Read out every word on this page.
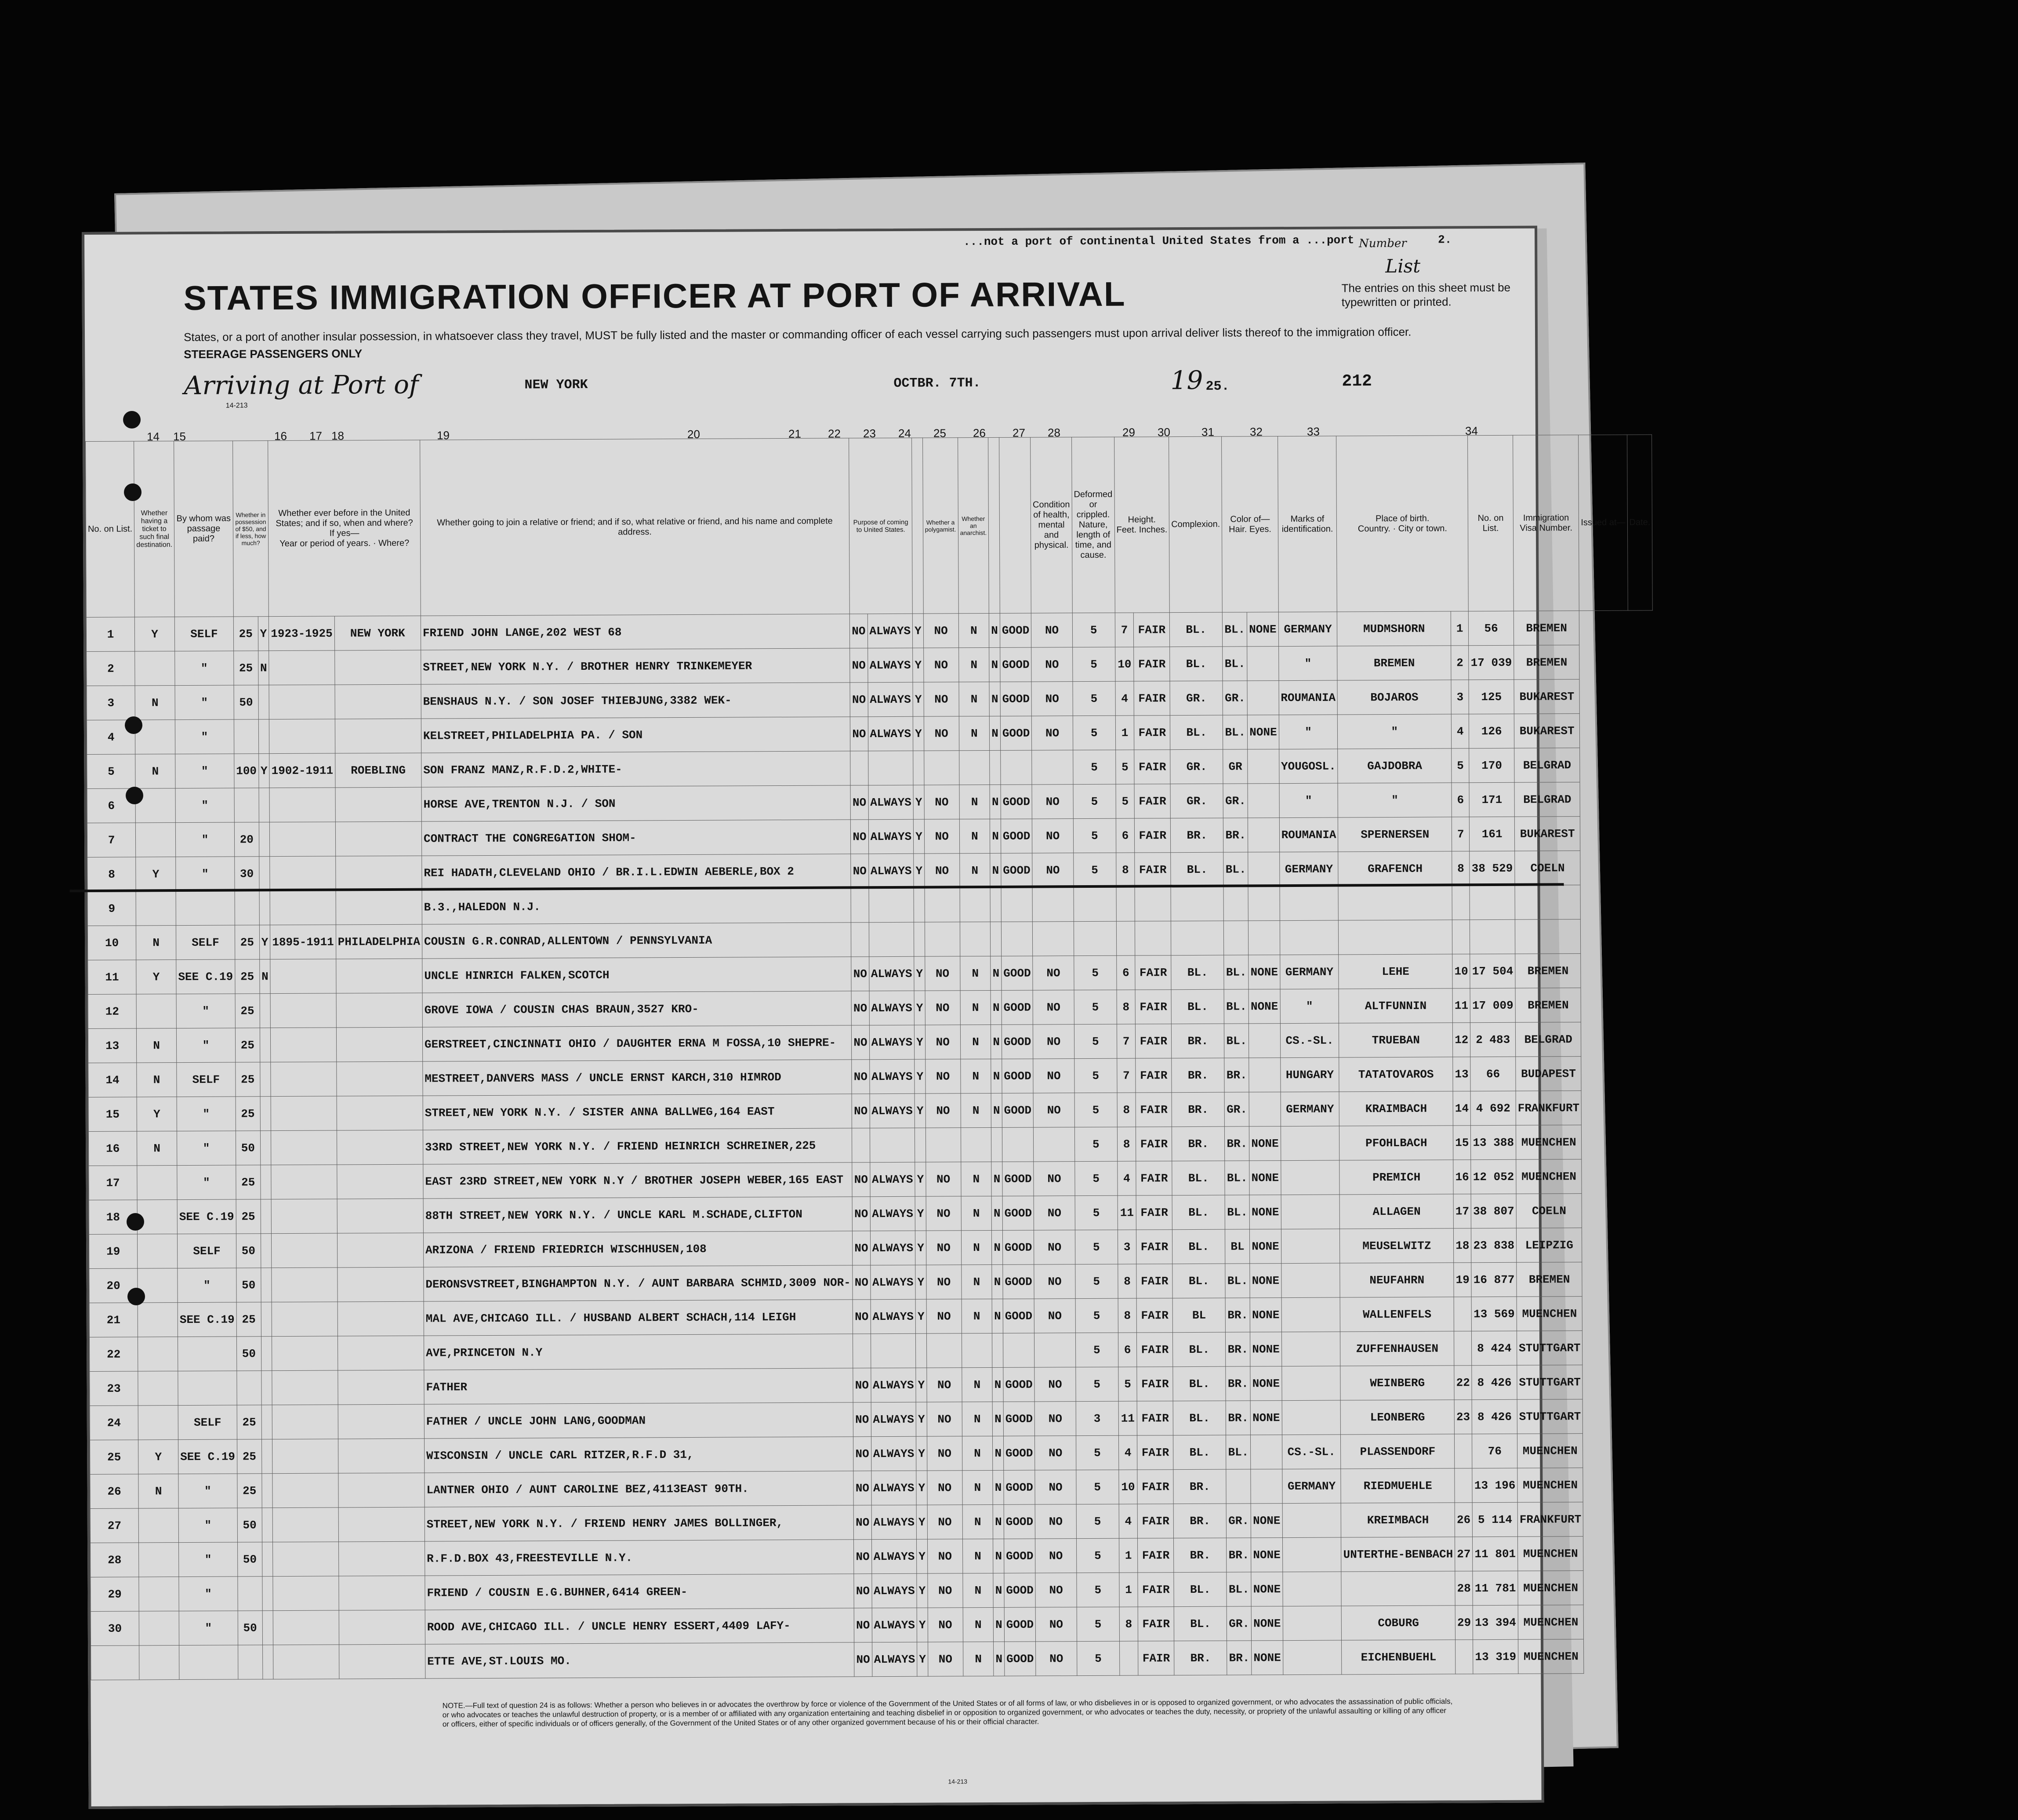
...not a port of continental United States from a ...port Number	2.
List
The entries on this sheet must be typewritten or printed.
STATES IMMIGRATION OFFICER AT PORT OF ARRIVAL
States, or a port of another insular possession, in whatsoever class they travel, MUST be fully listed and the master or commanding officer of each vessel carrying such passengers must upon arrival deliver lists thereof to the immigration officer.
STEERAGE PASSENGERS ONLY
Arriving at Port of	NEW YORK	OCTBR. 7TH.	19 25.	212
14-213
14 15	16 17 18	19	20	21 22 23 24 25 26 27 28	29 30	31	32	33	34
No. on List.	Whether having a ticket to such final destination.	By whom was passage paid?	Whether in possession of $50, and if less, how much?		Whether ever before in the United States; and if so, when and where?
If yes—
Year or period of years. · Where?		Whether going to join a relative or friend; and if so, what relative or friend, and his name and complete address.	Purpose of coming to United States.			Whether a polygamist.	Whether an anarchist.			Condition of health, mental and physical.	Deformed or crippled. Nature, length of time, and cause.	Height.
Feet. Inches.		Complexion.	Color of—
Hair. Eyes.		Marks of identification.	Place of birth.
Country. · City or town.		No. on List.	Immigration Visa Number.	Issued at—	Date.
1	Y	SELF	25	Y	1923-1925	NEW YORK	FRIEND JOHN LANGE,202 WEST 68	NO	ALWAYS	Y	NO	N	N	GOOD	NO	5	7	FAIR	BL.	BL.	NONE	GERMANY	MUDMSHORN	1	56	BREMEN		
2		"	25	N			STREET,NEW YORK N.Y. / BROTHER HENRY TRINKEMEYER	NO	ALWAYS	Y	NO	N	N	GOOD	NO	5	10	FAIR	BL.	BL.		"	BREMEN	2	17 039	BREMEN		
3	N	"	50				BENSHAUS N.Y. / SON JOSEF THIEBJUNG,3382 WEK-	NO	ALWAYS	Y	NO	N	N	GOOD	NO	5	4	FAIR	GR.	GR.		ROUMANIA	BOJAROS	3	125	BUKAREST		
4		"					KELSTREET,PHILADELPHIA PA. / SON	NO	ALWAYS	Y	NO	N	N	GOOD	NO	5	1	FAIR	BL.	BL.	NONE	"	"	4	126	BUKAREST		
5	N	"	100	Y	1902-1911	ROEBLING	SON FRANZ MANZ,R.F.D.2,WHITE-									5	5	FAIR	GR.	GR		YOUGOSL.	GAJDOBRA	5	170	BELGRAD		
6		"					HORSE AVE,TRENTON N.J. / SON	NO	ALWAYS	Y	NO	N	N	GOOD	NO	5	5	FAIR	GR.	GR.		"	"	6	171	BELGRAD		
7		"	20				CONTRACT THE CONGREGATION SHOM-	NO	ALWAYS	Y	NO	N	N	GOOD	NO	5	6	FAIR	BR.	BR.		ROUMANIA	SPERNERSEN	7	161	BUKAREST		
8	Y	"	30				REI HADATH,CLEVELAND OHIO / BR.I.L.EDWIN AEBERLE,BOX 2	NO	ALWAYS	Y	NO	N	N	GOOD	NO	5	8	FAIR	BL.	BL.		GERMANY	GRAFENCH	8	38 529	COELN		
9							B.3.,HALEDON N.J.																					
10	N	SELF	25	Y	1895-1911	PHILADELPHIA	COUSIN G.R.CONRAD,ALLENTOWN / PENNSYLVANIA																					
11	Y	SEE C.19	25	N			UNCLE HINRICH FALKEN,SCOTCH	NO	ALWAYS	Y	NO	N	N	GOOD	NO	5	6	FAIR	BL.	BL.	NONE	GERMANY	LEHE	10	17 504	BREMEN		
12		"	25				GROVE IOWA / COUSIN CHAS BRAUN,3527 KRO-	NO	ALWAYS	Y	NO	N	N	GOOD	NO	5	8	FAIR	BL.	BL.	NONE	"	ALTFUNNIN	11	17 009	BREMEN		
13	N	"	25				GERSTREET,CINCINNATI OHIO / DAUGHTER ERNA M FOSSA,10 SHEPRE-	NO	ALWAYS	Y	NO	N	N	GOOD	NO	5	7	FAIR	BR.	BL.		CS.-SL.	TRUEBAN	12	2 483	BELGRAD		
14	N	SELF	25				MESTREET,DANVERS MASS / UNCLE ERNST KARCH,310 HIMROD	NO	ALWAYS	Y	NO	N	N	GOOD	NO	5	7	FAIR	BR.	BR.		HUNGARY	TATATOVAROS	13	66	BUDAPEST		
15	Y	"	25				STREET,NEW YORK N.Y. / SISTER ANNA BALLWEG,164 EAST	NO	ALWAYS	Y	NO	N	N	GOOD	NO	5	8	FAIR	BR.	GR.		GERMANY	KRAIMBACH	14	4 692	FRANKFURT		
16	N	"	50				33RD STREET,NEW YORK N.Y. / FRIEND HEINRICH SCHREINER,225									5	8	FAIR	BR.	BR.	NONE		PFOHLBACH	15	13 388	MUENCHEN		
17		"	25				EAST 23RD STREET,NEW YORK N.Y / BROTHER JOSEPH WEBER,165 EAST	NO	ALWAYS	Y	NO	N	N	GOOD	NO	5	4	FAIR	BL.	BL.	NONE		PREMICH	16	12 052	MUENCHEN		
18		SEE C.19	25				88TH STREET,NEW YORK N.Y. / UNCLE KARL M.SCHADE,CLIFTON	NO	ALWAYS	Y	NO	N	N	GOOD	NO	5	11	FAIR	BL.	BL.	NONE		ALLAGEN	17	38 807	COELN		
19		SELF	50				ARIZONA / FRIEND FRIEDRICH WISCHHUSEN,108	NO	ALWAYS	Y	NO	N	N	GOOD	NO	5	3	FAIR	BL.	BL	NONE		MEUSELWITZ	18	23 838	LEIPZIG		
20		"	50				DERONSVSTREET,BINGHAMPTON N.Y. / AUNT BARBARA SCHMID,3009 NOR-	NO	ALWAYS	Y	NO	N	N	GOOD	NO	5	8	FAIR	BL.	BL.	NONE		NEUFAHRN	19	16 877	BREMEN		
21		SEE C.19	25				MAL AVE,CHICAGO ILL. / HUSBAND ALBERT SCHACH,114 LEIGH	NO	ALWAYS	Y	NO	N	N	GOOD	NO	5	8	FAIR	BL	BR.	NONE		WALLENFELS		13 569	MUENCHEN		
22			50				AVE,PRINCETON N.Y									5	6	FAIR	BL.	BR.	NONE		ZUFFENHAUSEN		8 424	STUTTGART		
23							FATHER	NO	ALWAYS	Y	NO	N	N	GOOD	NO	5	5	FAIR	BL.	BR.	NONE		WEINBERG	22	8 426	STUTTGART		
24		SELF	25				FATHER / UNCLE JOHN LANG,GOODMAN	NO	ALWAYS	Y	NO	N	N	GOOD	NO	3	11	FAIR	BL.	BR.	NONE		LEONBERG	23	8 426	STUTTGART		
25	Y	SEE C.19	25				WISCONSIN / UNCLE CARL RITZER,R.F.D 31,	NO	ALWAYS	Y	NO	N	N	GOOD	NO	5	4	FAIR	BL.	BL.		CS.-SL.	PLASSENDORF		76	MUENCHEN		
26	N	"	25				LANTNER OHIO / AUNT CAROLINE BEZ,4113EAST 90TH.	NO	ALWAYS	Y	NO	N	N	GOOD	NO	5	10	FAIR	BR.			GERMANY	RIEDMUEHLE		13 196	MUENCHEN		
27		"	50				STREET,NEW YORK N.Y. / FRIEND HENRY JAMES BOLLINGER,	NO	ALWAYS	Y	NO	N	N	GOOD	NO	5	4	FAIR	BR.	GR.	NONE		KREIMBACH	26	5 114	FRANKFURT		
28		"	50				R.F.D.BOX 43,FREESTEVILLE N.Y.	NO	ALWAYS	Y	NO	N	N	GOOD	NO	5	1	FAIR	BR.	BR.	NONE		UNTERTHE-BENBACH	27	11 801	MUENCHEN		
29		"					FRIEND / COUSIN E.G.BUHNER,6414 GREEN-	NO	ALWAYS	Y	NO	N	N	GOOD	NO	5	1	FAIR	BL.	BL.	NONE			28	11 781	MUENCHEN		
30		"	50				ROOD AVE,CHICAGO ILL. / UNCLE HENRY ESSERT,4409 LAFY-	NO	ALWAYS	Y	NO	N	N	GOOD	NO	5	8	FAIR	BL.	GR.	NONE		COBURG	29	13 394	MUENCHEN		
							ETTE AVE,ST.LOUIS MO.	NO	ALWAYS	Y	NO	N	N	GOOD	NO	5		FAIR	BR.	BR.	NONE		EICHENBUEHL		13 319	MUENCHEN		
NOTE.—Full text of question 24 is as follows: Whether a person who believes in or advocates the overthrow by force or violence of the Government of the United States or of all forms of law, or who disbelieves in or is opposed to organized government, or who advocates the assassination of public officials, or who advocates or teaches the unlawful destruction of property, or is a member of or affiliated with any organization entertaining and teaching disbelief in or opposition to organized government, or who advocates or teaches the duty, necessity, or propriety of the unlawful assaulting or killing of any officer or officers, either of specific individuals or of officers generally, of the Government of the United States or of any other organized government because of his or their official character.
14-213
